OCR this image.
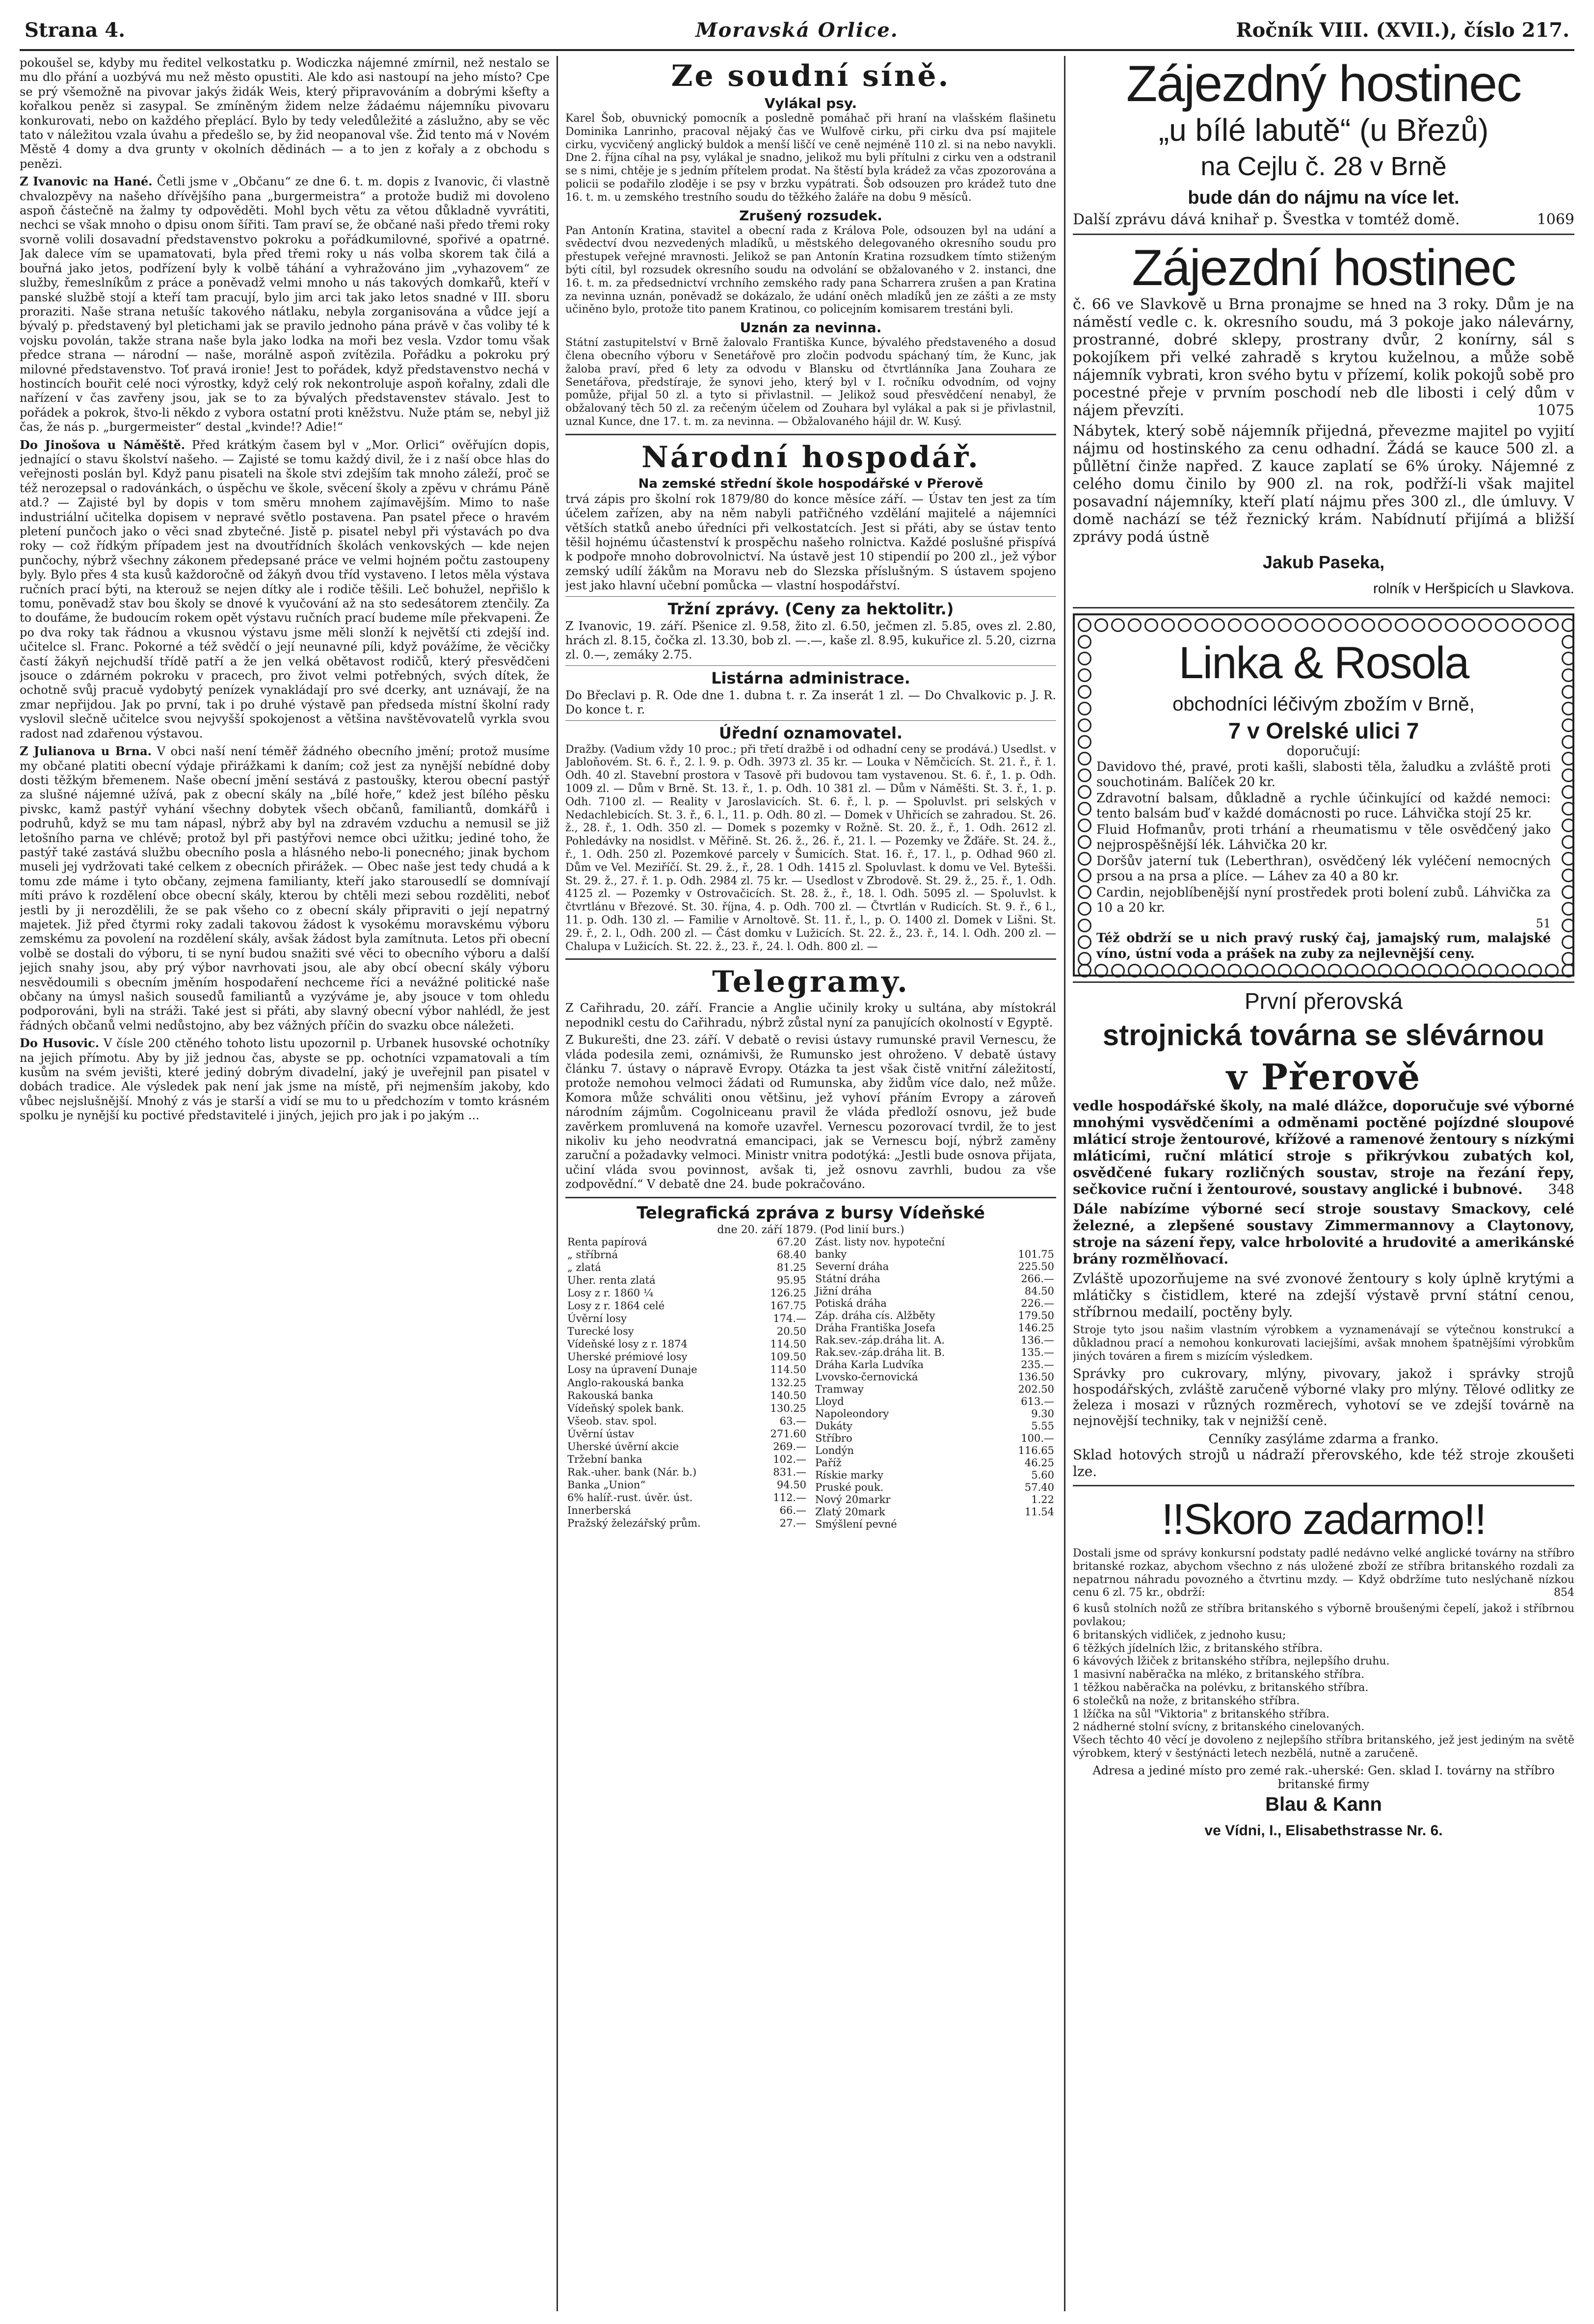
Strana 4.	Moravská Orlice.	Ročník VIII. (XVII.), číslo 217.

pokoušel se, kdyby mu ředitel velkostatku p. Wodiczka nájemné zmírnil, než nestalo se mu dlo přání a uozbývá mu než město opustiti. Ale kdo asi nastoupí na jeho místo? Cpe se prý všemožně na pivovar jakýs židák Weis, který připravováním a dobrými kšefty a kořalkou peněz si zasypal. Se zmíněným židem nelze žádaému nájemníku pivovaru konkurovati, nebo on každého přeplácí. Bylo by tedy veledůležité a záslužno, aby se věc tato v náležitou vzala úvahu a předešlo se, by žid neopanoval vše. Žid tento má v Novém Městě 4 domy a dva grunty v okolních dědinách — a to jen z kořaly a z obchodu s penězi.

Z Ivanovic na Hané. Četli jsme v „Občanu“ ze dne 6. t. m. dopis z Ivanovic, či vlastně chvalozpěvy na našeho dřívějšího pana „burgermeistra“ a protože budiž mi dovoleno aspoň částečně na žalmy ty odpověděti. Mohl bych větu za větou důkladně vyvrátiti, nechci se však mnoho o dpisu onom šířiti. Tam praví se, že občané naši předo třemi roky svorně volili dosavadní představenstvo pokroku a pořádkumilovné, spořivé a opatrné. Jak dalece vím se upamatovati, byla před třemi roky u nás volba skorem tak čilá a bouřná jako jetos, podřízení byly k volbě táhání a vyhražováno jim „vyhazovem“ ze služby, řemeslníkům z práce a poněvadž velmi mnoho u nás takových domkařů, kteří v panské službě stojí a kteří tam pracují, bylo jim arci tak jako letos snadné v III. sboru proraziti. Naše strana netušíc takového nátlaku, nebyla zorganisována a vůdce její a bývalý p. představený byl pletichami jak se pravilo jednoho pána právě v čas voliby té k vojsku povolán, takže strana naše byla jako lodka na moři bez vesla. Vzdor tomu však předce strana — národní — naše, morálně aspoň zvítězila. Pořádku a pokroku prý milovné představenstvo. Toť pravá ironie! Jest to pořádek, když představenstvo nechá v hostincích bouřit celé noci výrostky, když celý rok nekontroluje aspoň kořalny, zdali dle nařízení v čas zavřeny jsou, jak se to za bývalých představenstev stávalo. Jest to pořádek a pokrok, štvo-li někdo z vybora ostatní proti kněžstvu. Nuže ptám se, nebyl již čas, že nás p. „burgermeister“ destal „kvinde!? Adie!“

Do Jinošova u Náměště. Před krátkým časem byl v „Mor. Orlici“ ověřujícn dopis, jednající o stavu školství našeho. — Zajisté se tomu každý divil, že i z naší obce hlas do veřejnosti poslán byl. Když panu pisateli na škole stvi zdejším tak mnoho záleží, proč se též nerozepsal o radovánkách, o úspěchu ve škole, svěcení školy a zpěvu v chrámu Páně atd.? — Zajisté byl by dopis v tom směru mnohem zajímavějším. Mimo to naše industriální učitelka dopisem v nepravé světlo postavena. Pan psatel přece o hravém pletení punčoch jako o věci snad zbytečné. Jistě p. pisatel nebyl při výstavách po dva roky — což řídkým případem jest na dvoutřídních školách venkovských — kde nejen punčochy, nýbrž všechny zákonem předepsané práce ve velmi hojném počtu zastoupeny byly. Bylo přes 4 sta kusů každoročně od žákyň dvou tříd vystaveno. I letos měla výstava ručních prací býti, na kterouž se nejen dítky ale i rodiče těšili. Leč bohužel, nepřišlo k tomu, poněvadž stav bou školy se dnové k vyučování až na sto sedesátorem ztenčily. Za to doufáme, že budoucím rokem opět výstavu ručních prací budeme míle překvapeni. Že po dva roky tak řádnou a vkusnou výstavu jsme měli slonží k největší cti zdejší ind. učitelce sl. Franc. Pokorné a též svědčí o její neunavné píli, když povážíme, že věcičky častí žákyň nejchudší třídě patří a že jen velká obětavost rodičů, který přesvědčeni jsouce o zdárném pokroku v pracech, pro život velmi potřebných, svých dítek, že ochotně svůj pracuě vydobytý penízek vynakládají pro své dcerky, ant uznávají, že na zmar nepřijdou. Jak po první, tak i po druhé výstavě pan předseda místní školní rady vyslovil slečně učitelce svou nejvyšší spokojenost a většina navštěvovatelů vyrkla svou radost nad zdařenou výstavou.

Z Julianova u Brna. V obci naší není téměř žádného obecního jmění; protož musíme my občané platiti obecní výdaje přirážkami k daním; což jest za nynější nebídné doby dosti těžkým břemenem. Naše obecní jmění sestává z pastoušky, kterou obecní pastýř za slušné nájemné užívá, pak z obecní skály na „bílé hoře,“ kdež jest bílého pěsku pivskc, kamž pastýř vyhání všechny dobytek všech občanů, familiantů, domkářů i podruhů, když se mu tam nápasl, nýbrž aby byl na zdravém vzduchu a nemusil se již letošního parna ve chlévě; protož byl při pastýřovi nemce obci užitku; jediné toho, že pastýř také zastává službu obecního posla a hlásného nebo-li ponecného; jinak bychom museli jej vydržovati také celkem z obecních přirážek. — Obec naše jest tedy chudá a k tomu zde máme i tyto občany, zejmena familianty, kteří jako starousedlí se domnívají míti právo k rozdělení obce obecní skály, kterou by chtěli mezi sebou rozděliti, neboť jestli by ji nerozdělili, že se pak všeho co z obecní skály připraviti o její nepatrný majetek. Již před čtyrmi roky zadali takovou žádost k vysokému moravskému výboru zemskému za povolení na rozdělení skály, avšak žádost byla zamítnuta. Letos při obecní volbě se dostali do výboru, ti se nyní budou snažiti své věci to obecního výboru a další jejich snahy jsou, aby prý výbor navrhovati jsou, ale aby obcí obecní skály výboru nesvědoumili s obecním jměním hospodaření nechceme říci a nevážné politické naše občany na úmysl našich sousedů familiantů a vyzýváme je, aby jsouce v tom ohledu podporováni, byli na stráži. Také jest si přáti, aby slavný obecní výbor nahlédl, že jest řádných občanů velmi nedůstojno, aby bez vážných příčin do svazku obce náležeti.

Do Husovic. V čísle 200 ctěného tohoto listu upozornil p. Urbanek husovské ochotníky na jejich přímotu. Aby by již jednou čas, abyste se pp. ochotníci vzpamatovali a tím kusům na svém jevišti, které jediný dobrým divadelní, jaký je uveřejnil pan pisatel v dobách tradice. Ale výsledek pak není jak jsme na místě, při nejmenším jakoby, kdo vůbec nejslušnější. Mnohý z vás je starší a vidí se mu to u předchozím v tomto krásném spolku je nynější ku poctivé představitelé i jiných, jejich pro jak i po jakým ...

Ze soudní síně.
Vylákal psy.

Karel Šob, obuvnický pomocník a posledně pomáhač při hraní na vlašském flašinetu Dominika Lanrinho, pracoval nějaký čas ve Wulfově cirku, při cirku dva psí majitele cirku, vycvičený anglický buldok a menší liščí ve ceně nejméně 110 zl. si na nebo navykli. Dne 2. října cíhal na psy, vylákal je snadno, jelikož mu byli přítulni z cirku ven a odstranil se s nimi, chtěje je s jedním přítelem prodat. Na štěstí byla krádež za včas zpozorována a policii se podařilo zloděje i se psy v brzku vypátrati. Šob odsouzen pro krádež tuto dne 16. t. m. u zemského trestního soudu do těžkého žaláře na dobu 9 měsíců.

Zrušený rozsudek.

Pan Antonín Kratina, stavitel a obecní rada z Králova Pole, odsouzen byl na udání a svědectví dvou nezvedených mladíků, u městského delegovaného okresního soudu pro přestupek veřejné mravnosti. Jelikož se pan Antonín Kratina rozsudkem tímto stiženým býti cítil, byl rozsudek okresního soudu na odvolání se obžalovaného v 2. instanci, dne 16. t. m. za předsednictví vrchního zemského rady pana Scharrera zrušen a pan Kratina za nevinna uznán, poněvadž se dokázalo, že udání oněch mladíků jen ze zášti a ze msty učiněno bylo, protože tito panem Kratinou, co policejním komisarem trestáni byli.

Uznán za nevinna.

Státní zastupitelství v Brně žalovalo Františka Kunce, bývalého představeného a dosud člena obecního výboru v Senetářově pro zločin podvodu spáchaný tím, že Kunc, jak žaloba praví, před 6 lety za odvodu v Blansku od čtvrtlánníka Jana Zouhara ze Senetářova, předstíraje, že synovi jeho, který byl v I. ročníku odvodním, od vojny pomůže, přijal 50 zl. a tyto si přivlastnil. — Jelikož soud přesvědčení nenabyl, že obžalovaný těch 50 zl. za rečeným účelem od Zouhara byl vylákal a pak si je přivlastnil, uznal Kunce, dne 17. t. m. za nevinna. — Obžalovaného hájil dr. W. Kusý.

Národní hospodář.
Na zemské střední škole hospodářské v Přerově

trvá zápis pro školní rok 1879/80 do konce měsíce září. — Ústav ten jest za tím účelem zařízen, aby na něm nabyli patřičného vzdělání majitelé a nájemníci větších statků anebo úředníci při velkostatcích. Jest si přáti, aby se ústav tento těšil hojnému účastenství k prospěchu našeho rolnictva. Každé poslušné přispívá k podpoře mnoho dobrovolnictví. Na ústavě jest 10 stipendií po 200 zl., jež výbor zemský udílí žákům na Moravu neb do Slezska příslušným. S ústavem spojeno jest jako hlavní učební pomůcka — vlastní hospodářství.

Tržní zprávy. (Ceny za hektolitr.)

Z Ivanovic, 19. září. Pšenice zl. 9.58, žito zl. 6.50, ječmen zl. 5.85, oves zl. 2.80, hrách zl. 8.15, čočka zl. 13.30, bob zl. —.—, kaše zl. 8.95, kukuřice zl. 5.20, cizrna zl. 0.—, zemáky 2.75.

Listárna administrace.

Do Břeclavi p. R. Ode dne 1. dubna t. r. Za inserát 1 zl. — Do Chvalkovic p. J. R. Do konce t. r.

Úřední oznamovatel.

Dražby. (Vadium vždy 10 proc.; při třetí dražbě i od odhadní ceny se prodává.) Usedlst. v Jabloňovém. St. 6. ř., 2. l. 9. p. Odh. 3973 zl. 35 kr. — Louka v Němčicích. St. 21. ř., ř. 1. Odh. 40 zl. Stavební prostora v Tasově při budovou tam vystavenou. St. 6. ř., 1. p. Odh. 1009 zl. — Dům v Brně. St. 13. ř., 1. p. Odh. 10 381 zl. — Dům v Náměšti. St. 3. ř., 1. p. Odh. 7100 zl. — Reality v Jaroslavicích. St. 6. ř., l. p. — Spoluvlst. pri selských v Nedachlebicích. St. 3. ř., 6. l., 11. p. Odh. 80 zl. — Domek v Uhřicích se zahradou. St. 26. ž., 28. ř., 1. Odh. 350 zl. — Domek s pozemky v Rožně. St. 20. ž., ř., 1. Odh. 2612 zl. Pohledávky na nosidlst. v Měřině. St. 26. ž., 26. ř., 21. l. — Pozemky ve Žďáře. St. 24. ž., ř., 1. Odh. 250 zl. Pozemkové parcely v Šumicích. Stat. 16. ř., 17. l., p. Odhad 960 zl. Dům ve Vel. Meziříčí. St. 29. ž., ř., 28. 1 Odh. 1415 zl. Spoluvlast. k domu ve Vel. Bytešši. St. 29. ž., 27. ř. 1. p. Odh. 2984 zl. 75 kr. — Usedlost v Zbrodově. St. 29. ž., 25. ř., 1. Odh. 4125 zl. — Pozemky v Ostrovačicích. St. 28. ž., ř., 18. l. Odh. 5095 zl. — Spoluvlst. k čtvrtlánu v Březové. St. 30. října, 4. p. Odh. 700 zl. — Čtvrtlán v Rudicích. St. 9. ř., 6 l., 11. p. Odh. 130 zl. — Familie v Arnoltově. St. 11. ř., l., p. O. 1400 zl. Domek v Lišni. St. 29. ř., 2. l., Odh. 200 zl. — Část domku v Lužicích. St. 22. ž., 23. ř., 14. l. Odh. 200 zl. — Chalupa v Lužicích. St. 22. ž., 23. ř., 24. l. Odh. 800 zl. —

Telegramy.

Z Cařihradu, 20. září. Francie a Anglie učinily kroky u sultána, aby místokrál nepodnikl cestu do Cařihradu, nýbrž zůstal nyní za panujících okolností v Egyptě.

Z Bukurešti, dne 23. září. V debatě o revisi ústavy rumunské pravil Vernescu, že vláda podesila zemi, oznámivši, že Rumunsko jest ohroženo. V debatě ústavy článku 7. ústavy o nápravě Evropy. Otázka ta jest však čistě vnitřní záležitostí, protože nemohou velmoci žádati od Rumunska, aby židům více dalo, než může. Komora může schváliti onou většinu, jež vyhoví přáním Evropy a zároveň národním zájmům. Cogolniceanu pravil že vláda předloží osnovu, jež bude zavěrkem promluvená na komoře uzavřel. Vernescu pozorovací tvrdil, že to jest nikoliv ku jeho neodvratná emancipaci, jak se Vernescu bojí, nýbrž zaměny zaruční a požadavky velmoci. Ministr vnitra podotýká: „Jestli bude osnova přijata, učiní vláda svou povinnost, avšak ti, jež osnovu zavrhli, budou za vše zodpovědní.“ V debatě dne 24. bude pokračováno.

Telegrafická zpráva z bursy Vídeňské
dne 20. září 1879. (Pod linií burs.)
Renta papírová	67.20
„ stříbrná	68.40
„ zlatá	81.25
Uher. renta zlatá	95.95
Losy z r. 1860 ¼	126.25
Losy z r. 1864 celé	167.75
Úvěrní losy	174.—
Turecké losy	20.50
Vídeňské losy z r. 1874	114.50
Uherské prémiové losy	109.50
Losy na úpravení Dunaje	114.50
Anglo-rakouská banka	132.25
Rakouská banka	140.50
Vídeňský spolek bank.	130.25
Všeob. stav. spol.	63.—
Úvěrní ústav	271.60
Uherské úvěrní akcie	269.—
Tržební banka	102.—
Rak.-uher. bank (Nár. b.)	831.—
Banka „Union“	94.50
6% halíř.-rust. úvěr. úst.	112.—
Innerberská	66.—
Pražský železářský prům.	27.—
Zást. listy nov. hypoteční	
banky	101.75
Severní dráha	225.50
Státní dráha	266.—
Jižní dráha	84.50
Potiská dráha	226.—
Záp. dráha cís. Alžběty	179.50
Dráha Františka Josefa	146.25
Rak.sev.-záp.dráha lit. A.	136.—
Rak.sev.-záp.dráha lit. B.	135.—
Dráha Karla Ludvíka	235.—
Lvovsko-černovická	136.50
Tramway	202.50
Lloyd	613.—
Napoleondory	9.30
Dukáty	5.55
Stříbro	100.—
Londýn	116.65
Paříž	46.25
Rískie marky	5.60
Pruské pouk.	57.40
Nový 20markr	1.22
Zlatý 20mark	11.54
Smýšlení pevné	
Zájezdný hostinec
„u bílé labutě“ (u Březů)
na Cejlu č. 28 v Brně
bude dán do nájmu na více let.

Další zprávu dává knihař p. Švestka v tomtéž domě.	1069

Zájezdní hostinec

č. 66 ve Slavkově u Brna pronajme se hned na 3 roky. Dům je na náměstí vedle c. k. okresního soudu, má 3 pokoje jako nálevárny, prostranné, dobré sklepy, prostrany dvůr, 2 konírny, sál s pokojíkem při velké zahradě s krytou kuželnou, a může sobě nájemník vybrati, kron svého bytu v přízemí, kolik pokojů sobě pro pocestné přeje v prvním poschodí neb dle libosti i celý dům v nájem převzíti.	1075

Nábytek, který sobě nájemník přijedná, převezme majitel po vyjití nájmu od hostinského za cenu odhadní. Žádá se kauce 500 zl. a půllětní činže napřed. Z kauce zaplatí se 6% úroky. Nájemné z celého domu činilo by 900 zl. na rok, podřží-li však majitel posavadní nájemníky, kteří platí nájmu přes 300 zl., dle úmluvy. V domě nachází se též řeznický krám. Nabídnutí přijímá a bližší zprávy podá ústně

Jakub Paseka,
rolník v Heršpicích u Slavkova.
Linka & Rosola
obchodníci léčivým zbožím v Brně,
7 v Orelské ulici 7
doporučují:

Davidovo thé, pravé, proti kašli, slabosti těla, žaludku a zvláště proti souchotinám. Balíček 20 kr.

Zdravotní balsam, důkladně a rychle účinkující od každé nemoci: tento balsám buď v každé domácnosti po ruce. Láhvička stojí 25 kr.

Fluid Hofmanův, proti trhání a rheumatismu v těle osvědčený jako nejprospěšnější lék. Láhvička 20 kr.

Doršův jaterní tuk (Leberthran), osvědčený lék vyléčení nemocných prsou a na prsa a plíce. — Láhev za 40 a 80 kr.

Cardin, nejoblíbenější nyní prostředek proti bolení zubů. Láhvička za 10 a 20 kr.

51

Též obdrží se u nich pravý ruský čaj, jamajský rum, malajské víno, ústní voda a prášek na zuby za nejlevnější ceny.

První přerovská
strojnická továrna se slévárnou
v Přerově

vedle hospodářské školy, na malé dlážce, doporučuje své výborné mnohými vysvědčeními a odměnami poctěné pojízdné sloupové mláticí stroje žentourové, křížové a ramenové žentoury s nízkými mláticími, ruční mláticí stroje s přikrývkou zubatých kol, osvědčené fukary rozličných soustav, stroje na řezání řepy, sečkovice ruční i žentourové, soustavy anglické i bubnové. 348

Dále nabízíme výborné secí stroje soustavy Smackovy, celé železné, a zlepšené soustavy Zimmermannovy a Claytonovy, stroje na sázení řepy, valce hrbolovité a hrudovité a amerikánské brány rozmělňovací.

Zvláště upozorňujeme na své zvonové žentoury s koly úplně krytými a mlátičky s čistidlem, které na zdejší výstavě první státní cenou, stříbrnou medailí, poctěny byly.

Stroje tyto jsou našim vlastním výrobkem a vyznamenávají se výtečnou konstrukcí a důkladnou prací a nemohou konkurovati laciejšími, avšak mnohem špatnějšími výrobkům jiných továren a firem s mizícím výsledkem.

Správky pro cukrovary, mlýny, pivovary, jakož i správky strojů hospodářských, zvláště zaručeně výborné vlaky pro mlýny. Tělové odlitky ze železa i mosazi v různých rozměrech, vyhotoví se ve zdejší továrně na nejnovější techniky, tak v nejnižší ceně.

Cenníky zasýláme zdarma a franko.

Sklad hotových strojů u nádraží přerovského, kde též stroje zkoušeti lze.

!!Skoro zadarmo!!

Dostali jsme od správy konkursní podstaty padlé nedávno velké anglické továrny na stříbro britanské rozkaz, abychom všechno z nás uložené zboží ze stříbra britanského rozdali za nepatrnou náhradu povozného a čtvrtinu mzdy. — Když obdržíme tuto neslýchaně nízkou cenu 6 zl. 75 kr., obdrží:	854

6 kusů stolních nožů ze stříbra britanského s výborně broušenými čepelí, jakož i stříbrnou povlakou;

6 britanských vidliček, z jednoho kusu;

6 těžkých jídelních lžic, z britanského stříbra.

6 kávových lžiček z britanského stříbra, nejlepšího druhu.

1 masivní naběračka na mléko, z britanského stříbra.

1 těžkou naběračka na polévku, z britanského stříbra.

6 stolečků na nože, z britanského stříbra.

1 lžíčka na sůl "Viktoria" z britanského stříbra.

2 nádherné stolní svícny, z britanského cinelovaných.

Všech těchto 40 věcí je dovoleno z nejlepšího stříbra britanského, jež jest jediným na světě výrobkem, který v šestýnácti letech nezbělá, nutně a zaručeně.

Adresa a jediné místo pro zemé rak.-uherské: Gen. sklad I. továrny na stříbro britanské firmy
Blau & Kann
ve Vídni, I., Elisabethstrasse Nr. 6.
